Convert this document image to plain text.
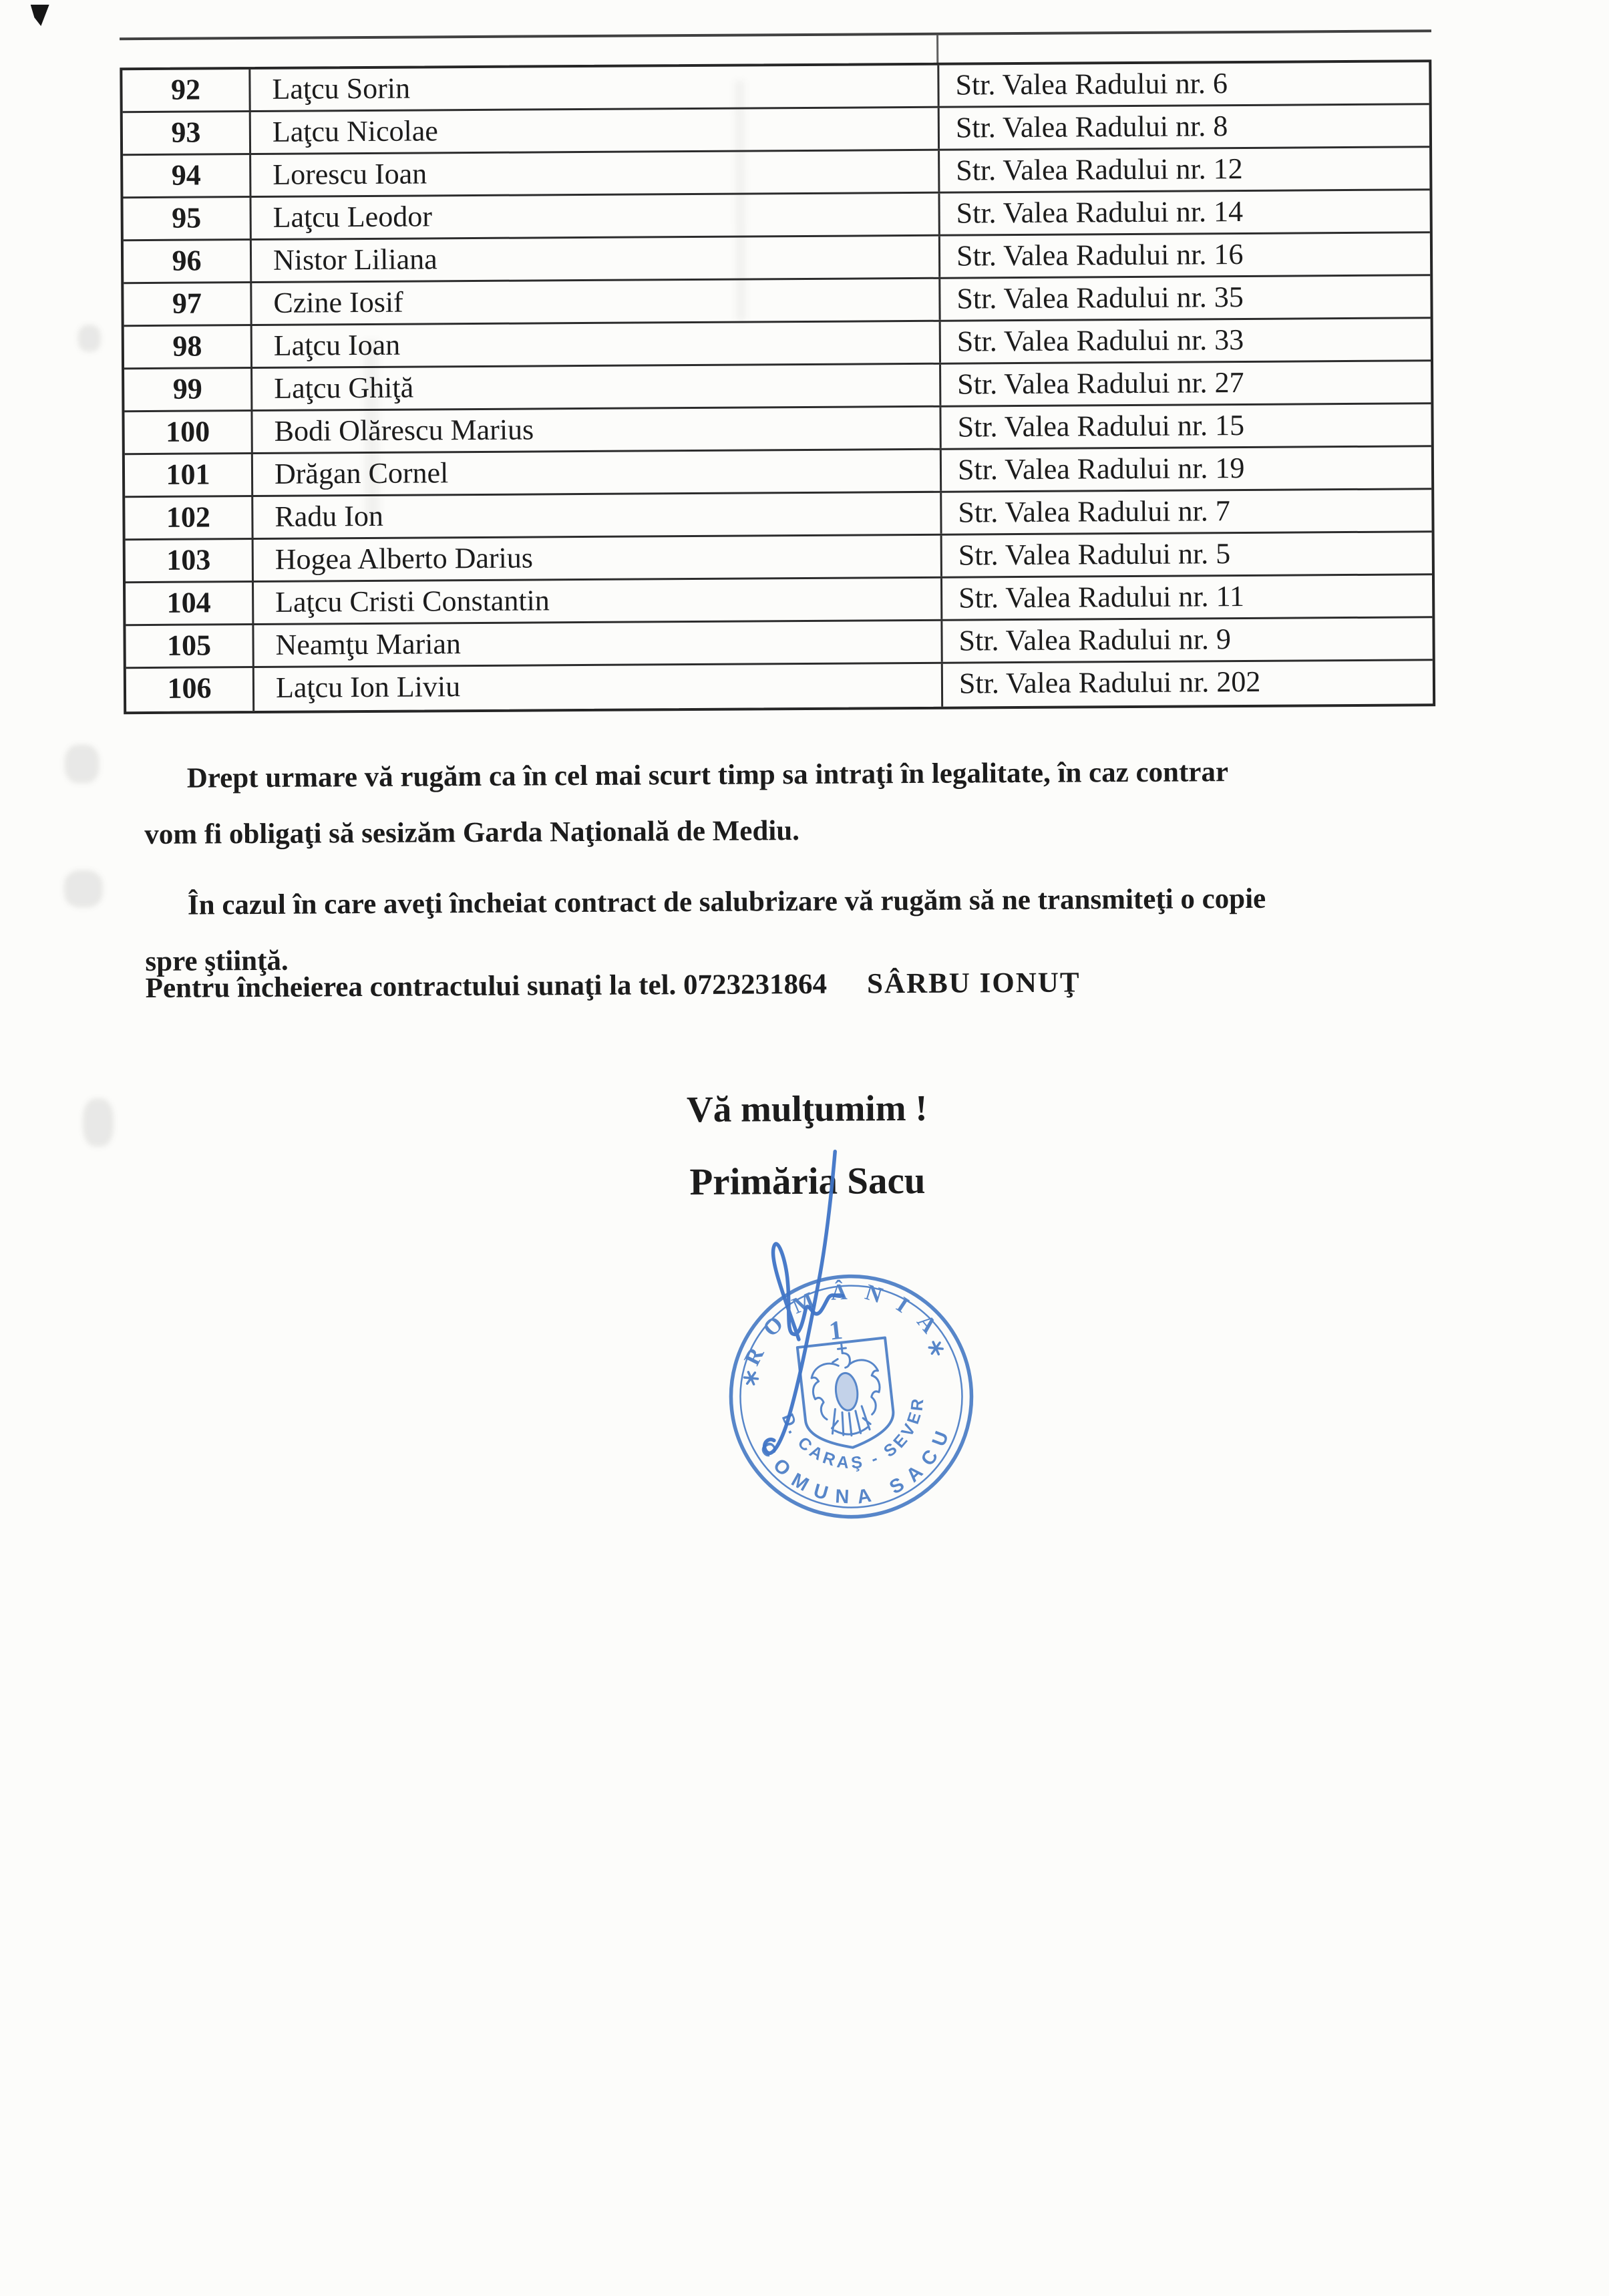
92	Laţcu Sorin	Str. Valea Radului nr. 6
93	Laţcu Nicolae	Str. Valea Radului nr. 8
94	Lorescu Ioan	Str. Valea Radului nr. 12
95	Laţcu Leodor	Str. Valea Radului nr. 14
96	Nistor Liliana	Str. Valea Radului nr. 16
97	Czine Iosif	Str. Valea Radului nr. 35
98	Laţcu Ioan	Str. Valea Radului nr. 33
99	Laţcu Ghiţă	Str. Valea Radului nr. 27
100	Bodi Olărescu Marius	Str. Valea Radului nr. 15
101	Drăgan Cornel	Str. Valea Radului nr. 19
102	Radu Ion	Str. Valea Radului nr. 7
103	Hogea Alberto Darius	Str. Valea Radului nr. 5
104	Laţcu Cristi Constantin	Str. Valea Radului nr. 11
105	Neamţu Marian	Str. Valea Radului nr. 9
106	Laţcu Ion Liviu	Str. Valea Radului nr. 202

Drept urmare vă rugăm ca în cel mai scurt timp sa intraţi în legalitate, în caz contrar
vom fi obligaţi să sesizăm Garda Naţională de Mediu.

În cazul în care aveţi încheiat contract de salubrizare vă rugăm să ne transmiteţi o copie
spre ştiinţă.

Pentru încheierea contractului sunaţi la tel. 0723231864 SÂRBU IONUŢ

Vă mulţumim !
Primăria Sacu
ROMÂNIA
JUD. CARAŞ - SEVERIN
COMUNA SACU
1
